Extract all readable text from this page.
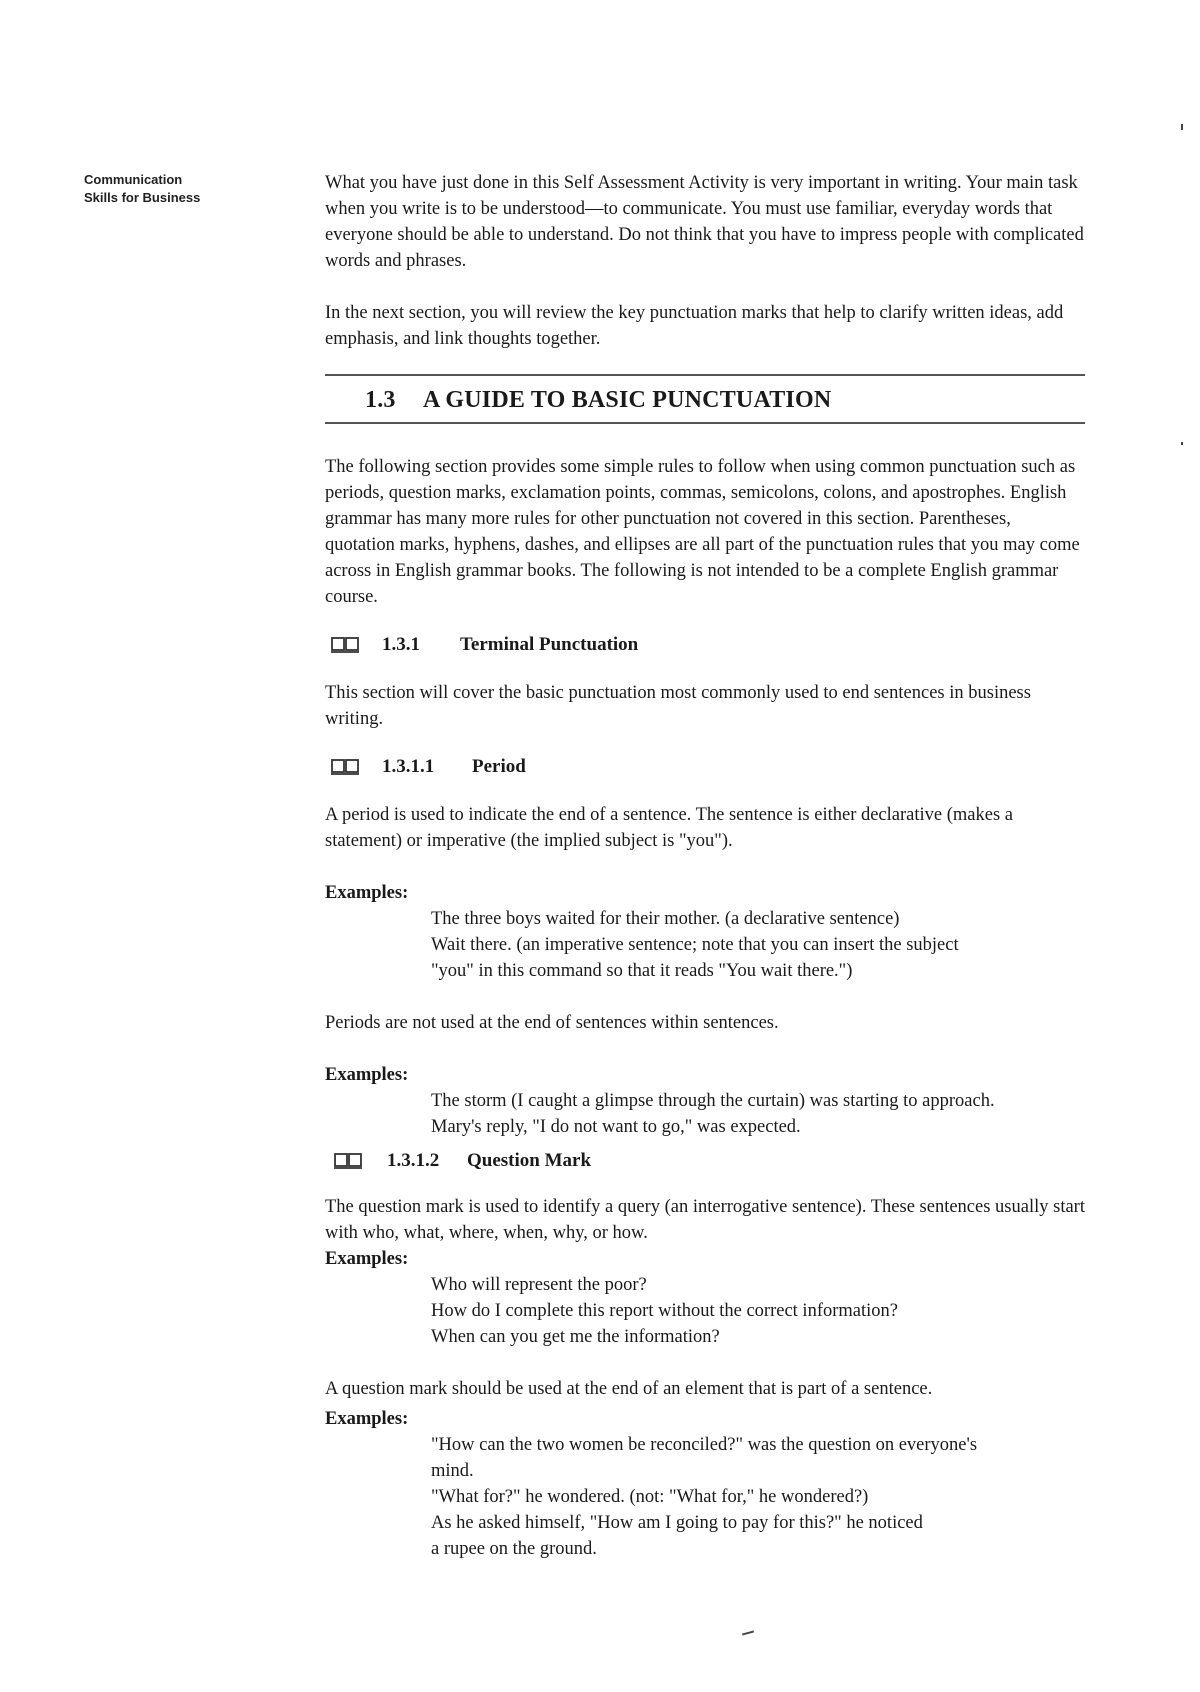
Communication
Skills for Business

What you have just done in this Self Assessment Activity is very important in writing. Your main task when you write is to be understood—to communicate. You must use familiar, everyday words that everyone should be able to understand. Do not think that you have to impress people with complicated words and phrases.

In the next section, you will review the key punctuation marks that help to clarify written ideas, add emphasis, and link thoughts together.

1.3	A GUIDE TO BASIC PUNCTUATION

The following section provides some simple rules to follow when using common punctuation such as periods, question marks, exclamation points, commas, semicolons, colons, and apostrophes. English grammar has many more rules for other punctuation not covered in this section. Parentheses, quotation marks, hyphens, dashes, and ellipses are all part of the punctuation rules that you may come across in English grammar books. The following is not intended to be a complete English grammar course.

1.3.1	Terminal Punctuation

This section will cover the basic punctuation most commonly used to end sentences in business writing.

1.3.1.1	Period

A period is used to indicate the end of a sentence. The sentence is either declarative (makes a statement) or imperative (the implied subject is "you").

Examples:

The three boys waited for their mother. (a declarative sentence)

Wait there. (an imperative sentence; note that you can insert the subject

"you" in this command so that it reads "You wait there.")

Periods are not used at the end of sentences within sentences.

Examples:

The storm (I caught a glimpse through the curtain) was starting to approach.

Mary's reply, "I do not want to go," was expected.

1.3.1.2	Question Mark

The question mark is used to identify a query (an interrogative sentence). These sentences usually start with who, what, where, when, why, or how.

Examples:

Who will represent the poor?

How do I complete this report without the correct information?

When can you get me the information?

A question mark should be used at the end of an element that is part of a sentence.

Examples:

"How can the two women be reconciled?" was the question on everyone's

mind.

"What for?" he wondered. (not: "What for," he wondered?)

As he asked himself, "How am I going to pay for this?" he noticed

a rupee on the ground.
